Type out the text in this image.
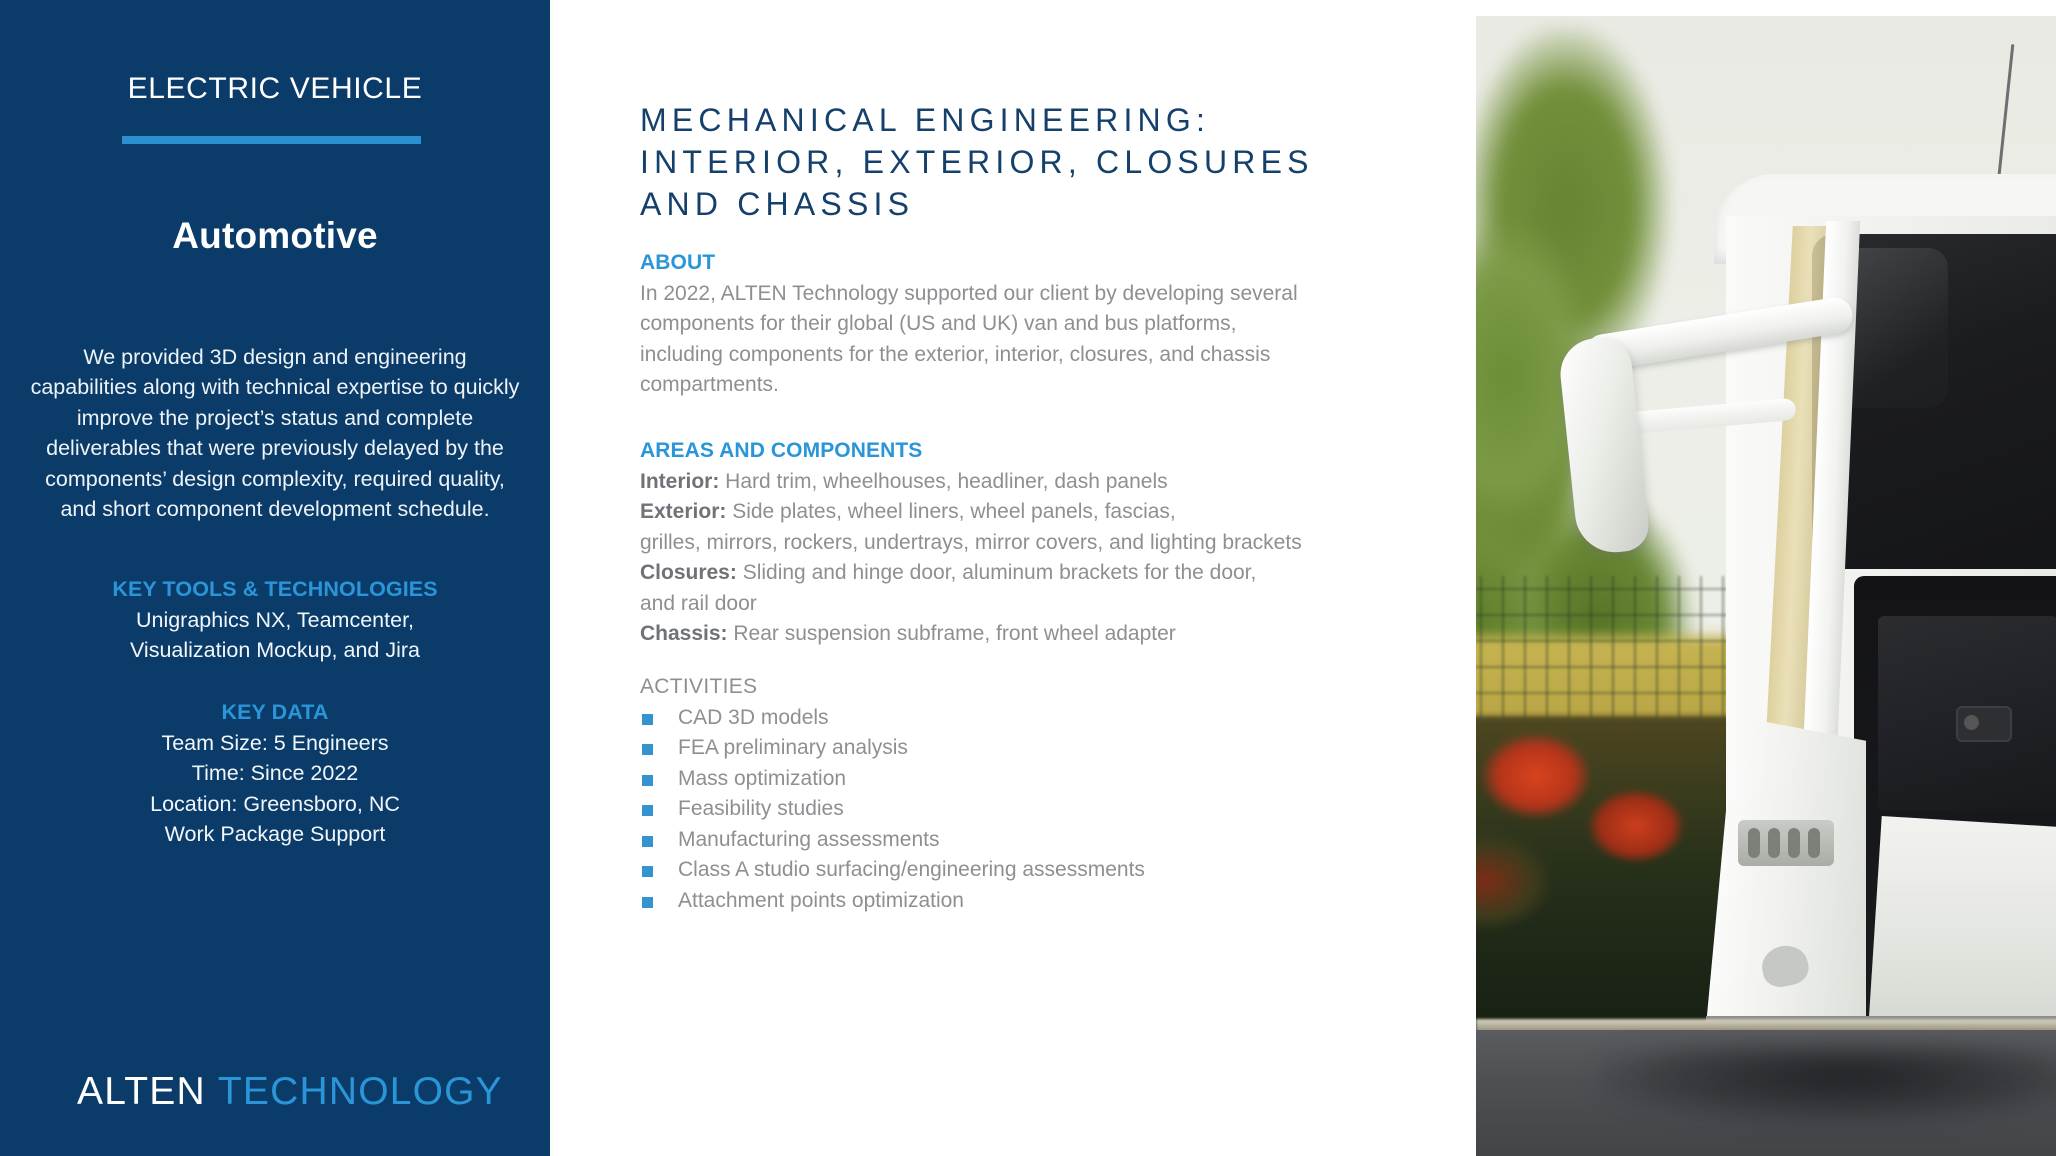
ELECTRIC VEHICLE
Automotive

We provided 3D design and engineering capabilities along with technical expertise to quickly improve the project’s status and complete deliverables that were previously delayed by the components’ design complexity, required quality, and short component development schedule.

KEY TOOLS & TECHNOLOGIES
Unigraphics NX, Teamcenter,
Visualization Mockup, and Jira
KEY DATA
Team Size: 5 Engineers
Time: Since 2022
Location: Greensboro, NC
Work Package Support
ALTEN TECHNOLOGY
MECHANICAL ENGINEERING: INTERIOR, EXTERIOR, CLOSURES AND CHASSIS
ABOUT
In 2022, ALTEN Technology supported our client by developing several
components for their global (US and UK) van and bus platforms,
including components for the exterior, interior, closures, and chassis
compartments.
AREAS AND COMPONENTS
Interior: Hard trim, wheelhouses, headliner, dash panels
Exterior: Side plates, wheel liners, wheel panels, fascias,
grilles, mirrors, rockers, undertrays, mirror covers, and lighting brackets
Closures: Sliding and hinge door, aluminum brackets for the door,
and rail door
Chassis: Rear suspension subframe, front wheel adapter
ACTIVITIES
CAD 3D models
FEA preliminary analysis
Mass optimization
Feasibility studies
Manufacturing assessments
Class A studio surfacing/engineering assessments
Attachment points optimization
